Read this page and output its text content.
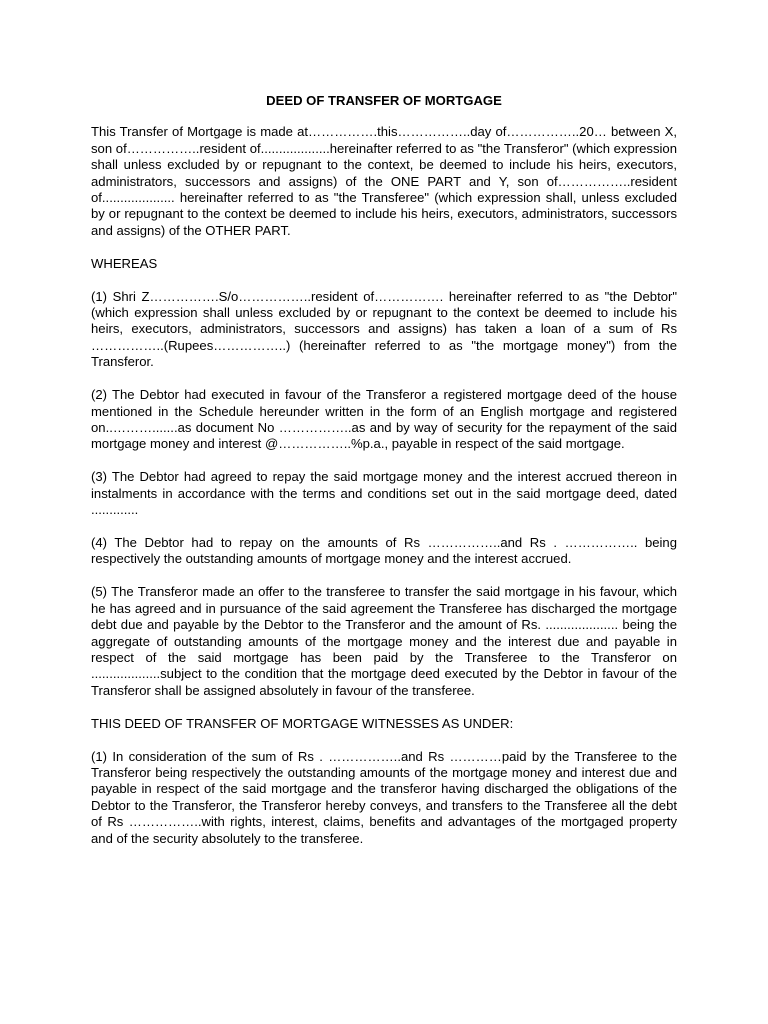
DEED OF TRANSFER OF MORTGAGE

This Transfer of Mortgage is made at…………….this……………..day of……………..20… between X, son of……………..resident of...................hereinafter referred to as "the Transferor" (which expression shall unless excluded by or repugnant to the context, be deemed to include his heirs, executors, administrators, successors and assigns) of the ONE PART and Y, son of……………..resident of.................... hereinafter referred to as "the Transferee" (which expression shall, unless excluded by or repugnant to the context be deemed to include his heirs, executors, administrators, successors and assigns) of the OTHER PART.

WHEREAS

(1) Shri Z…………….S/o……………..resident of……………. hereinafter referred to as "the Debtor" (which expression shall unless excluded by or repugnant to the context be deemed to include his heirs, executors, administrators, successors and assigns) has taken a loan of a sum of Rs ……………..(Rupees……………..) (hereinafter referred to as "the mortgage money") from the Transferor.

(2) The Debtor had executed in favour of the Transferor a registered mortgage deed of the house mentioned in the Schedule hereunder written in the form of an English mortgage and registered on..……….......as document No ……………..as and by way of security for the repayment of the said mortgage money and interest @……………..%p.a., payable in respect of the said mortgage.

(3) The Debtor had agreed to repay the said mortgage money and the interest accrued thereon in instalments in accordance with the terms and conditions set out in the said mortgage deed, dated .............

(4) The Debtor had to repay on the amounts of Rs ……………..and Rs . …………….. being respectively the outstanding amounts of mortgage money and the interest accrued.

(5) The Transferor made an offer to the transferee to transfer the said mortgage in his favour, which he has agreed and in pursuance of the said agreement the Transferee has discharged the mortgage debt due and payable by the Debtor to the Transferor and the amount of Rs. .................... being the aggregate of outstanding amounts of the mortgage money and the interest due and payable in respect of the said mortgage has been paid by the Transferee to the Transferor on ...................subject to the condition that the mortgage deed executed by the Debtor in favour of the Transferor shall be assigned absolutely in favour of the transferee.

THIS DEED OF TRANSFER OF MORTGAGE WITNESSES AS UNDER:

(1) In consideration of the sum of Rs . ……………..and Rs …………paid by the Transferee to the Transferor being respectively the outstanding amounts of the mortgage money and interest due and payable in respect of the said mortgage and the transferor having discharged the obligations of the Debtor to the Transferor, the Transferor hereby conveys, and transfers to the Transferee all the debt of Rs ……………..with rights, interest, claims, benefits and advantages of the mortgaged property and of the security absolutely to the transferee.
